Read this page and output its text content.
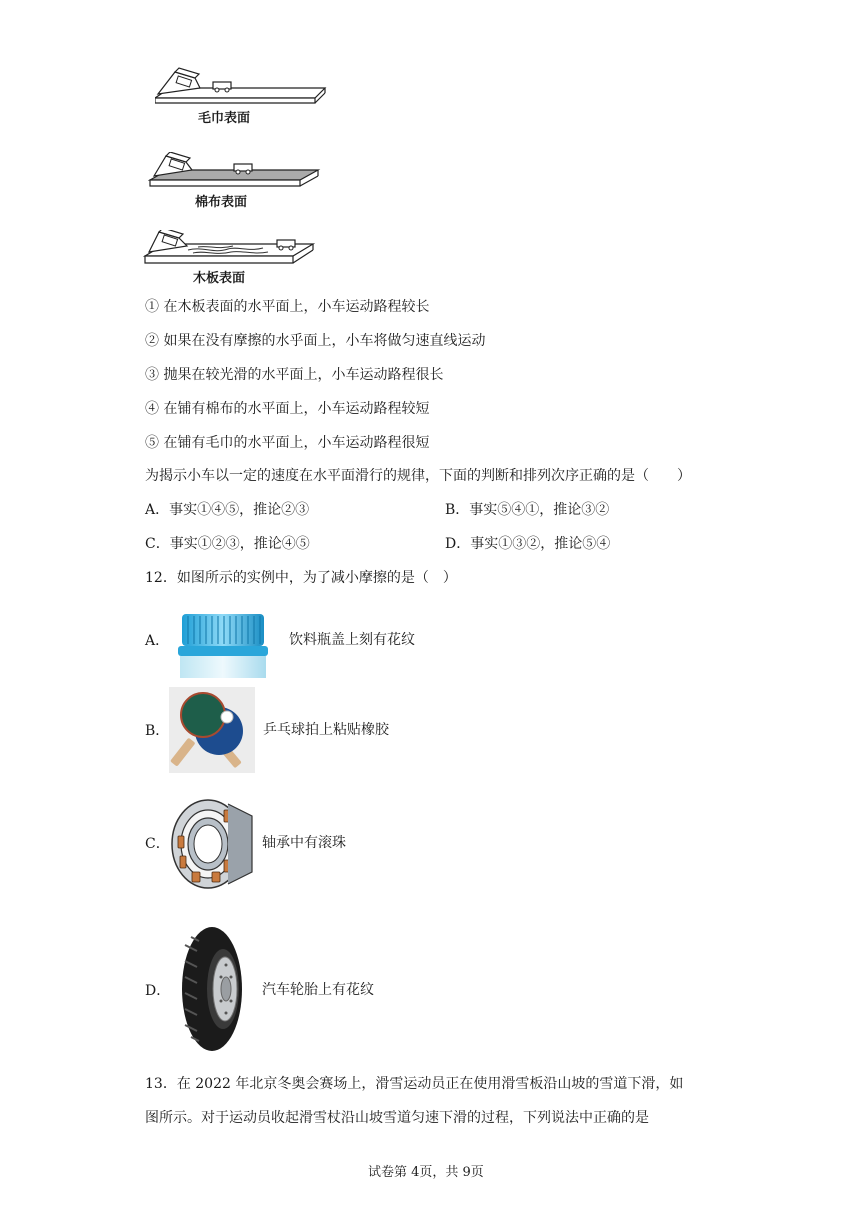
毛巾表面
棉布表面
木板表面
① 在木板表面的水平面上，小车运动路程较长
② 如果在没有摩擦的水乎面上，小车将做匀速直线运动
③ 抛果在较光滑的水平面上，小车运动路程很长
④ 在铺有棉布的水平面上，小车运动路程较短
⑤ 在铺有毛巾的水平面上，小车运动路程很短
为揭示小车以一定的速度在水平面滑行的规律，下面的判断和排列次序正确的是（　　）
A．事实①④⑤，推论②③	B．事实⑤④①，推论③②
C．事实①②③，推论④⑤	D．事实①③②，推论⑤④
12．如图所示的实例中，为了减小摩擦的是（　）
A．	饮料瓶盖上刻有花纹
B．	乒乓球拍上粘贴橡胶
C．	轴承中有滚珠
D．	汽车轮胎上有花纹
13．在 2022 年北京冬奥会赛场上，滑雪运动员正在使用滑雪板沿山坡的雪道下滑，如
图所示。对于运动员收起滑雪杖沿山坡雪道匀速下滑的过程，下列说法中正确的是
试卷第 4页，共 9页
